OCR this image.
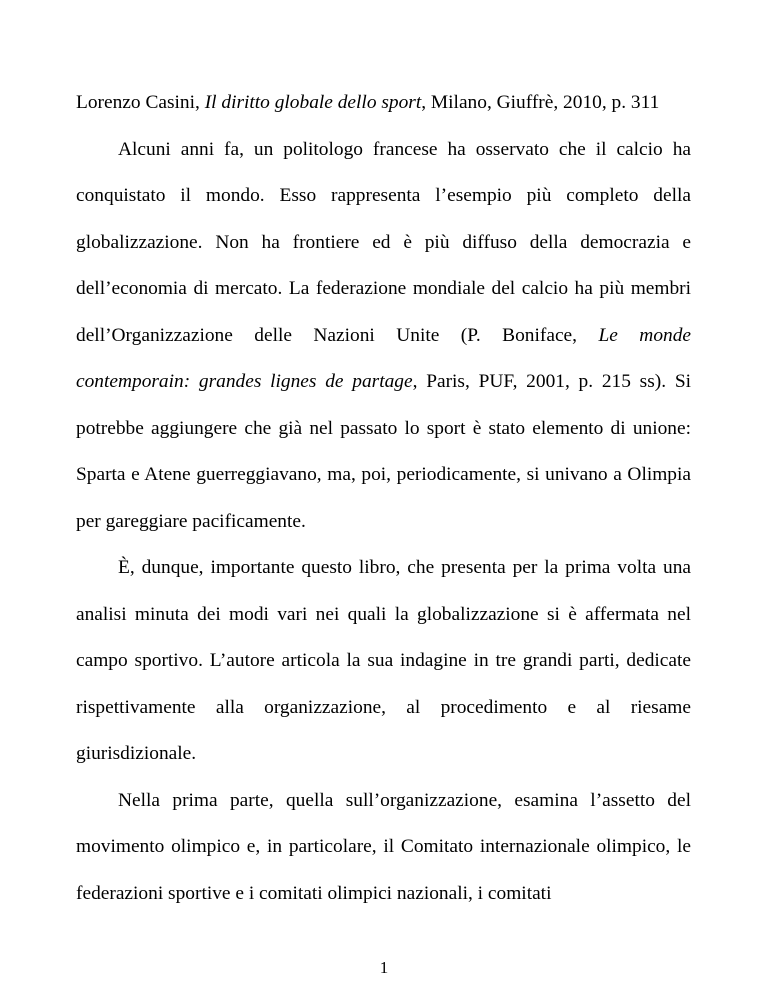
Lorenzo Casini, Il diritto globale dello sport, Milano, Giuffrè, 2010, p. 311

Alcuni anni fa, un politologo francese ha osservato che il calcio ha conquistato il mondo. Esso rappresenta l’esempio più completo della globalizzazione. Non ha frontiere ed è più diffuso della democrazia e dell’economia di mercato. La federazione mondiale del calcio ha più membri dell’Organizzazione delle Nazioni Unite (P. Boniface, Le monde contemporain: grandes lignes de partage, Paris, PUF, 2001, p. 215 ss). Si potrebbe aggiungere che già nel passato lo sport è stato elemento di unione: Sparta e Atene guerreggiavano, ma, poi, periodicamente, si univano a Olimpia per gareggiare pacificamente.

È, dunque, importante questo libro, che presenta per la prima volta una analisi minuta dei modi vari nei quali la globalizzazione si è affermata nel campo sportivo. L’autore articola la sua indagine in tre grandi parti, dedicate rispettivamente alla organizzazione, al procedimento e al riesame giurisdizionale.

Nella prima parte, quella sull’organizzazione, esamina l’assetto del movimento olimpico e, in particolare, il Comitato internazionale olimpico, le federazioni sportive e i comitati olimpici nazionali, i comitati

1
